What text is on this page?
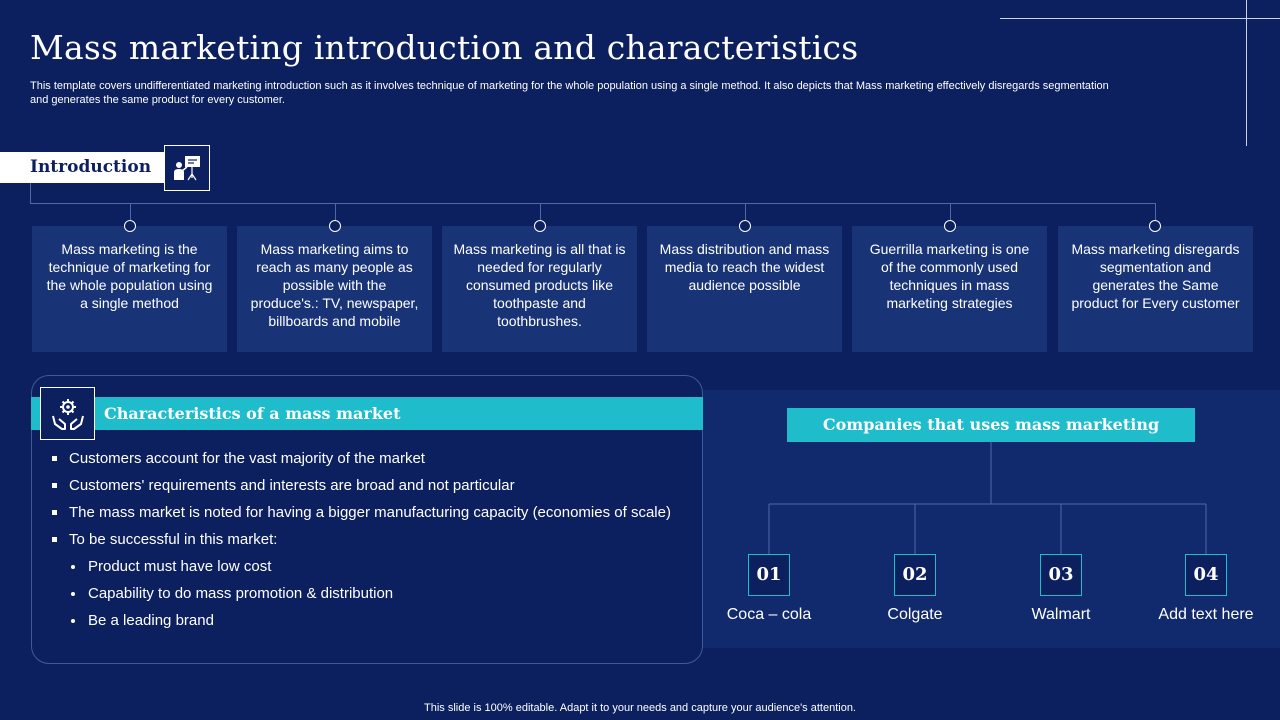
Mass marketing introduction and characteristics

This template covers undifferentiated marketing introduction such as it involves technique of marketing for the whole population using a single method. It also depicts that Mass marketing effectively disregards segmentation and generates the same product for every customer.

Introduction
Mass marketing is the technique of marketing for the whole population using a single method
Mass marketing aims to reach as many people as possible with the produce's.: TV, newspaper, billboards and mobile
Mass marketing is all that is needed for regularly consumed products like toothpaste and toothbrushes.
Mass distribution and mass media to reach the widest audience possible
Guerrilla marketing is one of the commonly used techniques in mass marketing strategies
Mass marketing disregards segmentation and generates the Same product for Every customer
Characteristics of a mass market
Customers account for the vast majority of the market
Customers' requirements and interests are broad and not particular
The mass market is noted for having a bigger manufacturing capacity (economies of scale)
To be successful in this market:
Product must have low cost
Capability to do mass promotion & distribution
Be a leading brand
Companies that uses mass marketing
01	02	03	04
Coca – cola	Colgate	Walmart	Add text here
This slide is 100% editable. Adapt it to your needs and capture your audience's attention.
